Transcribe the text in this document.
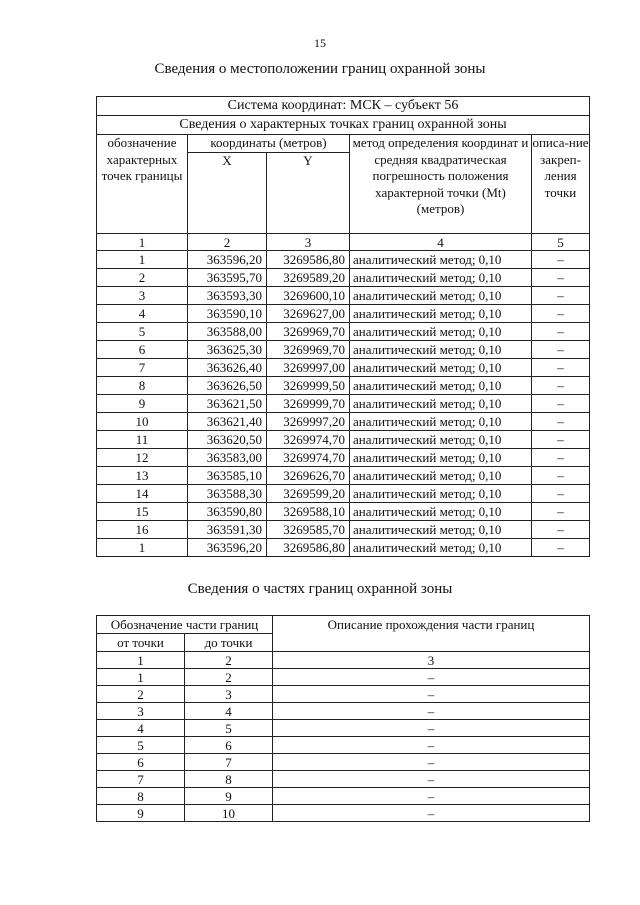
15
Сведения о местоположении границ охранной зоны
Система координат: МСК – субъект 56				
Сведения о характерных точках границ охранной зоны				
обозначение характерных точек границы	координаты (метров)		метод определения координат и средняя квадратическая погрешность положения характерной точки (Mt) (метров)	описа-ние закреп-ления точки
	X	Y		
1	2	3	4	5
1	363596,20	3269586,80	аналитический метод; 0,10	–
2	363595,70	3269589,20	аналитический метод; 0,10	–
3	363593,30	3269600,10	аналитический метод; 0,10	–
4	363590,10	3269627,00	аналитический метод; 0,10	–
5	363588,00	3269969,70	аналитический метод; 0,10	–
6	363625,30	3269969,70	аналитический метод; 0,10	–
7	363626,40	3269997,00	аналитический метод; 0,10	–
8	363626,50	3269999,50	аналитический метод; 0,10	–
9	363621,50	3269999,70	аналитический метод; 0,10	–
10	363621,40	3269997,20	аналитический метод; 0,10	–
11	363620,50	3269974,70	аналитический метод; 0,10	–
12	363583,00	3269974,70	аналитический метод; 0,10	–
13	363585,10	3269626,70	аналитический метод; 0,10	–
14	363588,30	3269599,20	аналитический метод; 0,10	–
15	363590,80	3269588,10	аналитический метод; 0,10	–
16	363591,30	3269585,70	аналитический метод; 0,10	–
1	363596,20	3269586,80	аналитический метод; 0,10	–
Сведения о частях границ охранной зоны
Обозначение части границ		Описание прохождения части границ
от точки	до точки	
1	2	3
1	2	–
2	3	–
3	4	–
4	5	–
5	6	–
6	7	–
7	8	–
8	9	–
9	10	–
